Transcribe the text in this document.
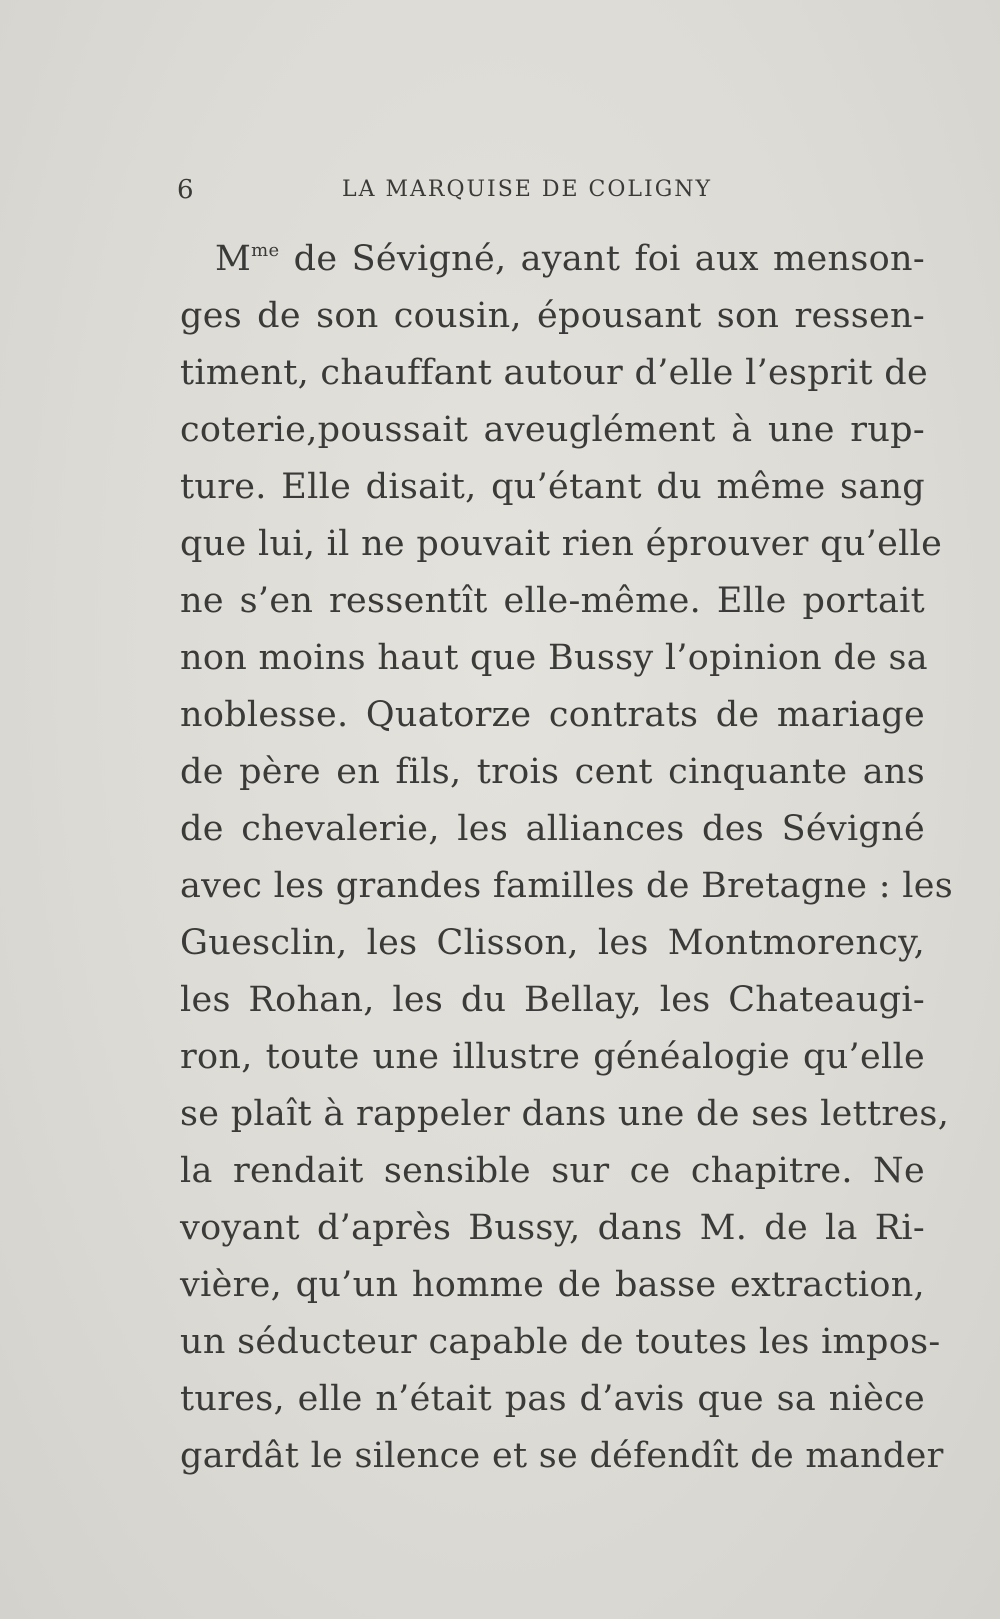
6	LA MARQUISE DE COLIGNY
$M^{me}$ de Sévigné, ayant foi aux menson-
ges de son cousin, épousant son ressen-
timent, chauffant autour d’elle l’esprit de
coterie,poussait aveuglément à une rup-
ture. Elle disait, qu’étant du même sang
que lui, il ne pouvait rien éprouver qu’elle
ne s’en ressentît elle-même. Elle portait
non moins haut que Bussy l’opinion de sa
noblesse. Quatorze contrats de mariage
de père en fils, trois cent cinquante ans
de chevalerie, les alliances des Sévigné
avec les grandes familles de Bretagne : les
Guesclin, les Clisson, les Montmorency,
les Rohan, les du Bellay, les Chateaugi-
ron, toute une illustre généalogie qu’elle
se plaît à rappeler dans une de ses lettres,
la rendait sensible sur ce chapitre. Ne
voyant d’après Bussy, dans M. de la Ri-
vière, qu’un homme de basse extraction,
un séducteur capable de toutes les impos-
tures, elle n’était pas d’avis que sa nièce
gardât le silence et se défendît de mander
